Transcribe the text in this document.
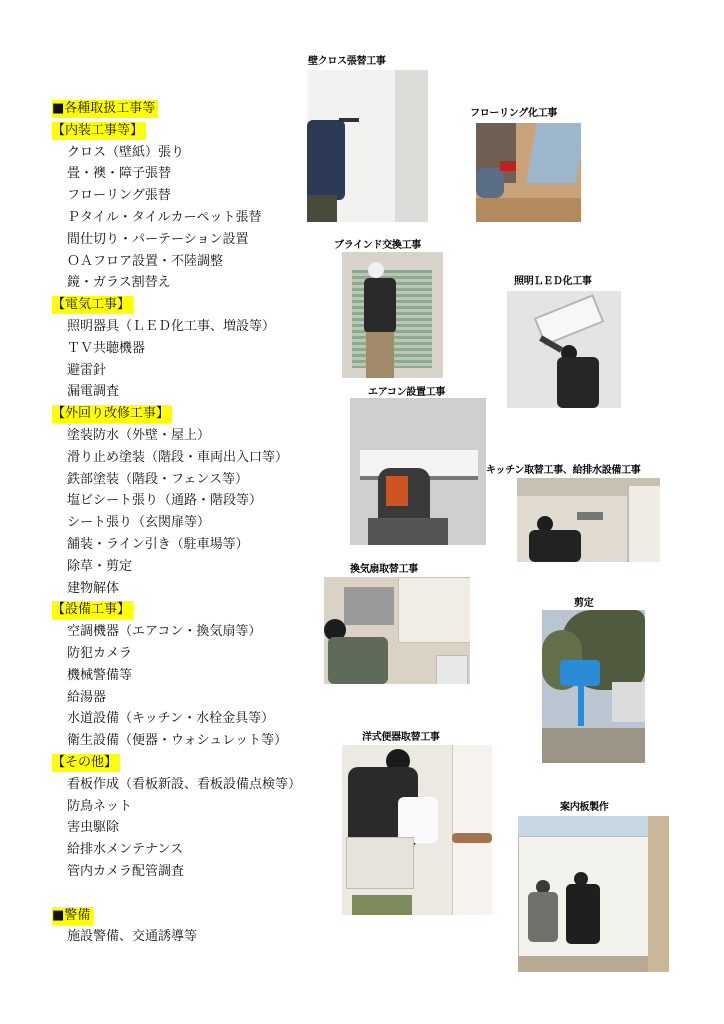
■各種取扱工事等
【内装工事等】
クロス（壁紙）張り
畳・襖・障子張替
フローリング張替
Ｐタイル・タイルカーペット張替
間仕切り・パーテーション設置
ＯＡフロア設置・不陸調整
鏡・ガラス割替え
【電気工事】
照明器具（ＬＥＤ化工事、増設等）
ＴＶ共聴機器
避雷針
漏電調査
【外回り改修工事】
塗装防水（外壁・屋上）
滑り止め塗装（階段・車両出入口等）
鉄部塗装（階段・フェンス等）
塩ビシート張り（通路・階段等）
シート張り（玄関扉等）
舗装・ライン引き（駐車場等）
除草・剪定
建物解体
【設備工事】
空調機器（エアコン・換気扇等）
防犯カメラ
機械警備等
給湯器
水道設備（キッチン・水栓金具等）
衛生設備（便器・ウォシュレット等）
【その他】
看板作成（看板新設、看板設備点検等）
防鳥ネット
害虫駆除
給排水メンテナンス
管内カメラ配管調査
■警備
施設警備、交通誘導等
壁クロス張替工事
フローリング化工事
ブラインド交換工事
照明ＬＥＤ化工事
エアコン設置工事
キッチン取替工事、給排水設備工事
換気扇取替工事
剪定
洋式便器取替工事
案内板製作
